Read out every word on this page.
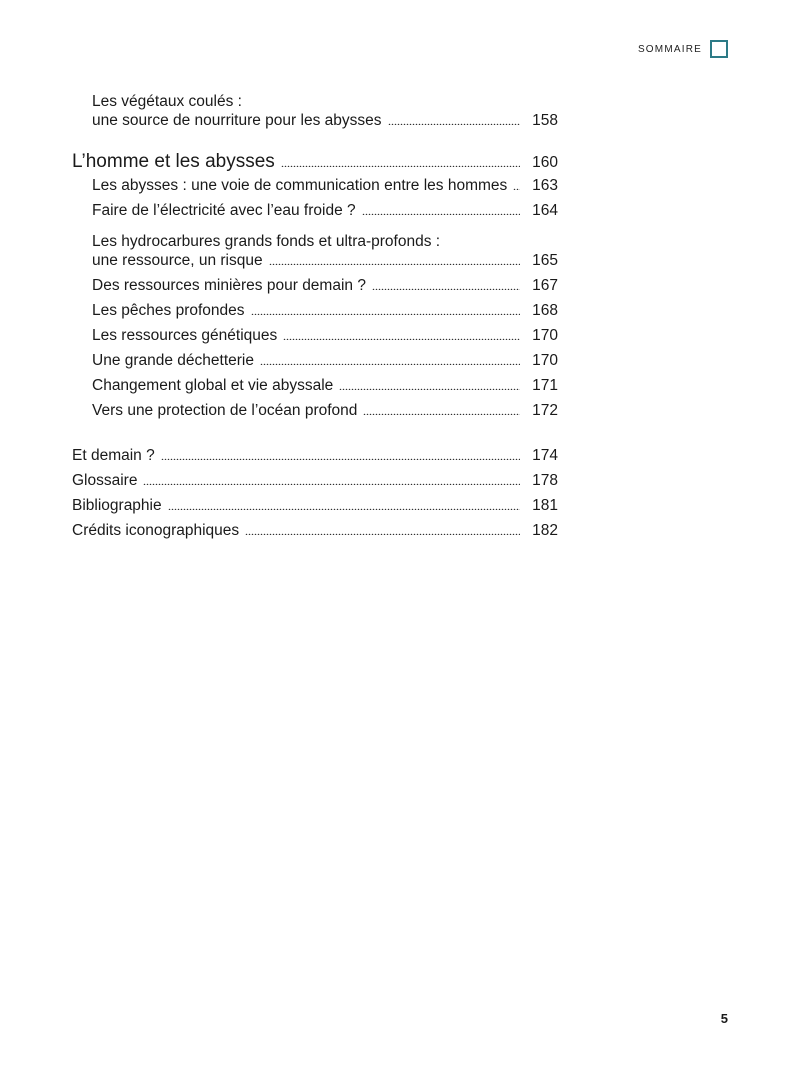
SOMMAIRE
Les végétaux coulés :
une source de nourriture pour les abysses	158
L’homme et les abysses	160
Les abysses : une voie de communication entre les hommes	163
Faire de l’électricité avec l’eau froide ?	164
Les hydrocarbures grands fonds et ultra-profonds :
une ressource, un risque	165
Des ressources minières pour demain ?	167
Les pêches profondes	168
Les ressources génétiques	170
Une grande déchetterie	170
Changement global et vie abyssale	171
Vers une protection de l’océan profond	172
Et demain ?	174
Glossaire	178
Bibliographie	181
Crédits iconographiques	182
5
